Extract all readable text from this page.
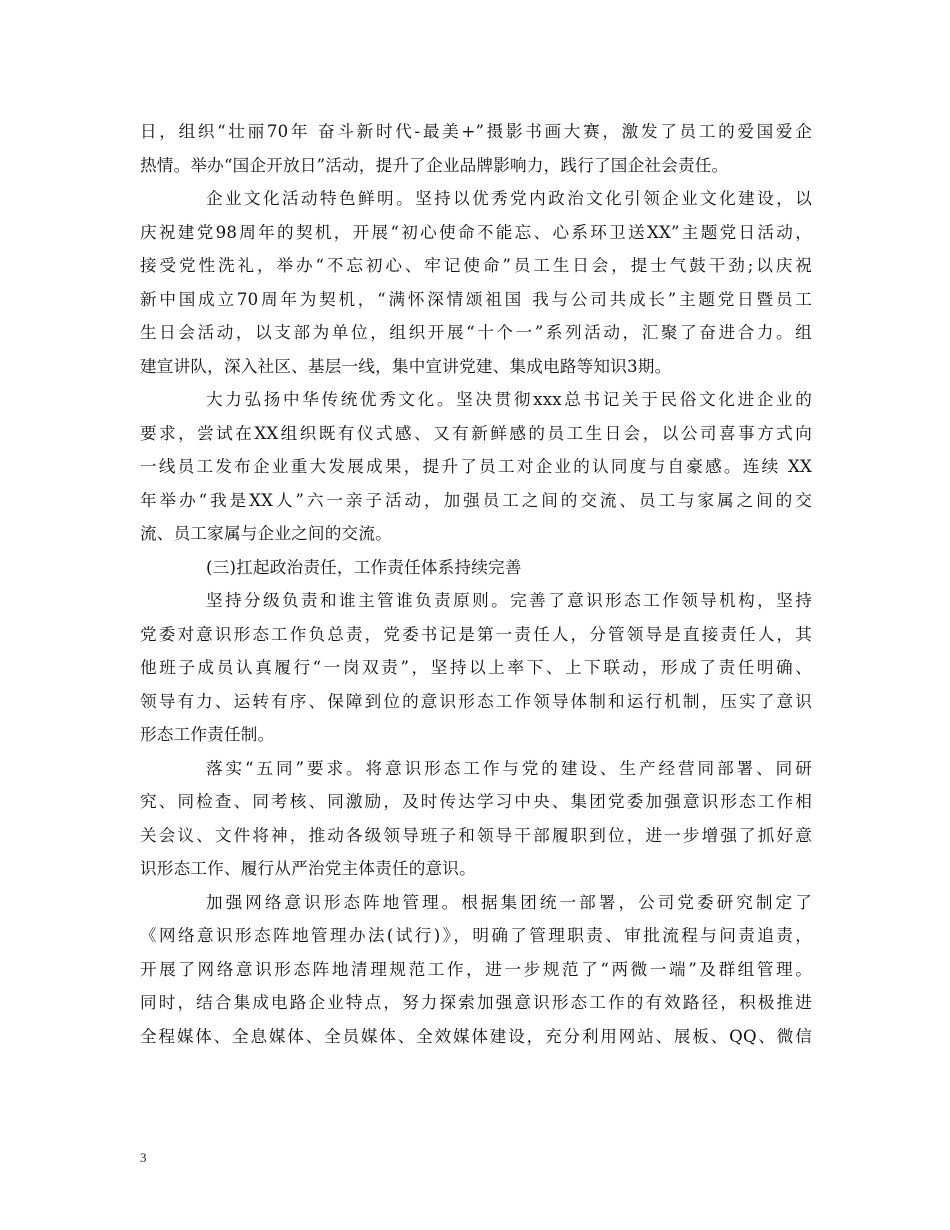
日，组织“壮丽70年 奋斗新时代-最美+”摄影书画大赛，激发了员工的爱国爱企
热情。举办“国企开放日”活动，提升了企业品牌影响力，践行了国企社会责任。
企业文化活动特色鲜明。坚持以优秀党内政治文化引领企业文化建设，以
庆祝建党98周年的契机，开展“初心使命不能忘、心系环卫送XX”主题党日活动，
接受党性洗礼，举办“不忘初心、牢记使命”员工生日会，提士气鼓干劲;以庆祝
新中国成立70周年为契机，“满怀深情颂祖国 我与公司共成长”主题党日暨员工
生日会活动，以支部为单位，组织开展“十个一”系列活动，汇聚了奋进合力。组
建宣讲队，深入社区、基层一线，集中宣讲党建、集成电路等知识3期。
大力弘扬中华传统优秀文化。坚决贯彻xxx总书记关于民俗文化进企业的
要求，尝试在XX组织既有仪式感、又有新鲜感的员工生日会，以公司喜事方式向
一线员工发布企业重大发展成果，提升了员工对企业的认同度与自豪感。连续 XX
年举办“我是XX人”六一亲子活动，加强员工之间的交流、员工与家属之间的交
流、员工家属与企业之间的交流。
(三)扛起政治责任，工作责任体系持续完善
坚持分级负责和谁主管谁负责原则。完善了意识形态工作领导机构，坚持
党委对意识形态工作负总责，党委书记是第一责任人，分管领导是直接责任人，其
他班子成员认真履行“一岗双责”，坚持以上率下、上下联动，形成了责任明确、
领导有力、运转有序、保障到位的意识形态工作领导体制和运行机制，压实了意识
形态工作责任制。
落实“五同”要求。将意识形态工作与党的建设、生产经营同部署、同研
究、同检查、同考核、同激励，及时传达学习中央、集团党委加强意识形态工作相
关会议、文件将神，推动各级领导班子和领导干部履职到位，进一步增强了抓好意
识形态工作、履行从严治党主体责任的意识。
加强网络意识形态阵地管理。根据集团统一部署，公司党委研究制定了
《网络意识形态阵地管理办法(试行)》，明确了管理职责、审批流程与问责追责，
开展了网络意识形态阵地清理规范工作，进一步规范了“两微一端”及群组管理。
同时，结合集成电路企业特点，努力探索加强意识形态工作的有效路径，积极推进
全程媒体、全息媒体、全员媒体、全效媒体建设，充分利用网站、展板、QQ、微信
3
